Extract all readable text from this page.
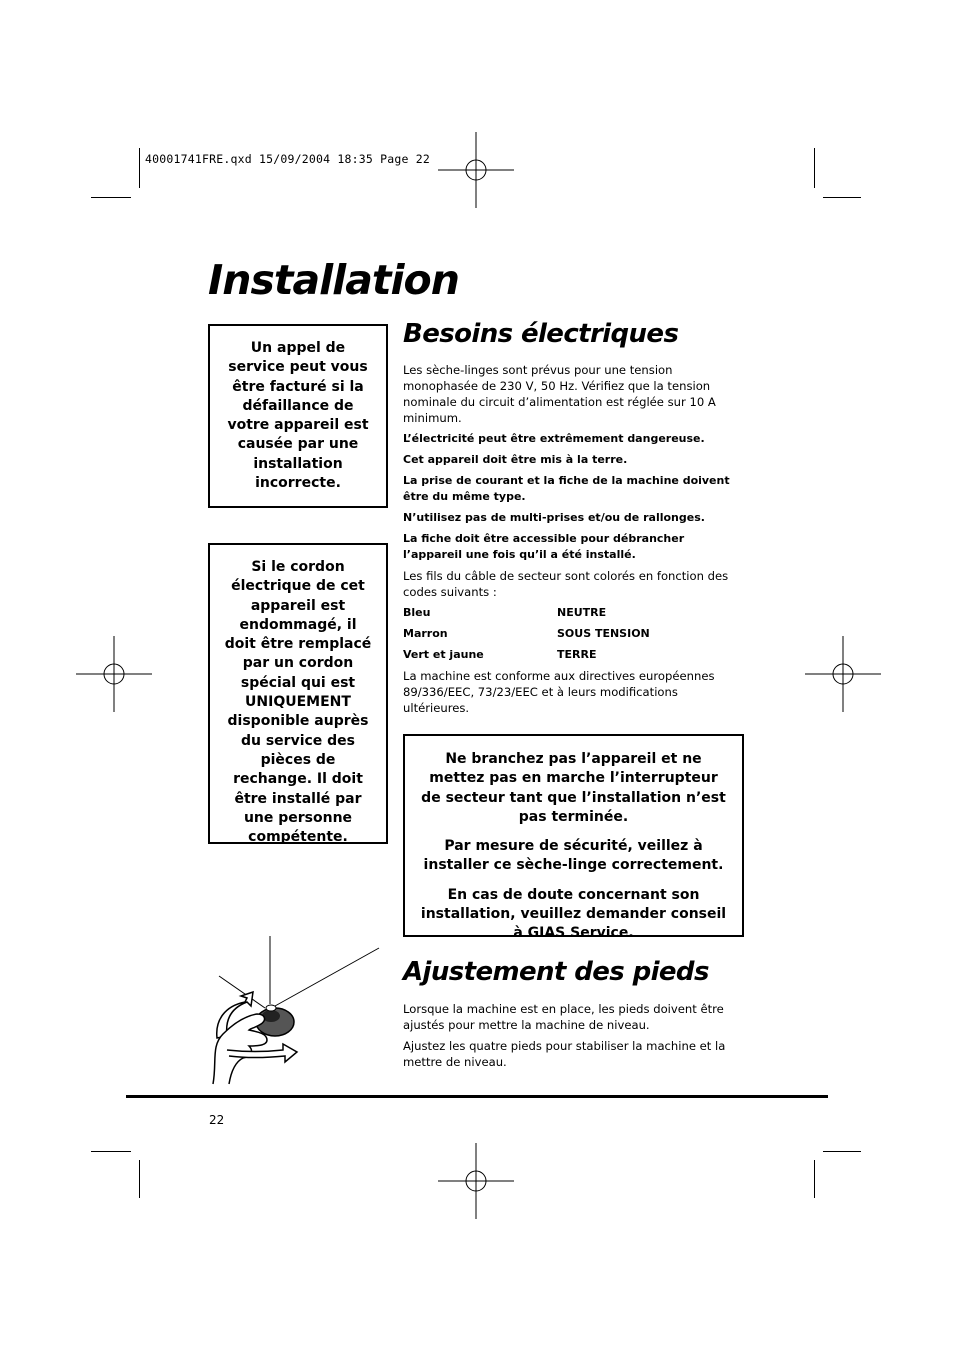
40001741FRE.qxd 15/09/2004 18:35 Page 22
Installation

Un appel de service peut vous être facturé si la défaillance de votre appareil est causée par une installation incorrecte.

Si le cordon électrique de cet appareil est endommagé, il doit être remplacé par un cordon spécial qui est UNIQUEMENT disponible auprès du service des pièces de rechange. Il doit être installé par une personne compétente.

Besoins électriques

Les sèche-linges sont prévus pour une tension monophasée de 230 V, 50 Hz. Vérifiez que la tension nominale du circuit d’alimentation est réglée sur 10 A minimum.

L’électricité peut être extrêmement dangereuse.

Cet appareil doit être mis à la terre.

La prise de courant et la fiche de la machine doivent être du même type.

N’utilisez pas de multi-prises et/ou de rallonges.

La fiche doit être accessible pour débrancher l’appareil une fois qu’il a été installé.

Les fils du câble de secteur sont colorés en fonction des codes suivants :

Bleu	NEUTRE
Marron	SOUS TENSION
Vert et jaune	TERRE

La machine est conforme aux directives européennes 89/336/EEC, 73/23/EEC et à leurs modifications ultérieures.

Ne branchez pas l’appareil et ne mettez pas en marche l’interrupteur de secteur tant que l’installation n’est pas terminée.

Par mesure de sécurité, veillez à installer ce sèche-linge correctement.

En cas de doute concernant son installation, veuillez demander conseil à GIAS Service.

Ajustement des pieds

Lorsque la machine est en place, les pieds doivent être ajustés pour mettre la machine de niveau.

Ajustez les quatre pieds pour stabiliser la machine et la mettre de niveau.

22
